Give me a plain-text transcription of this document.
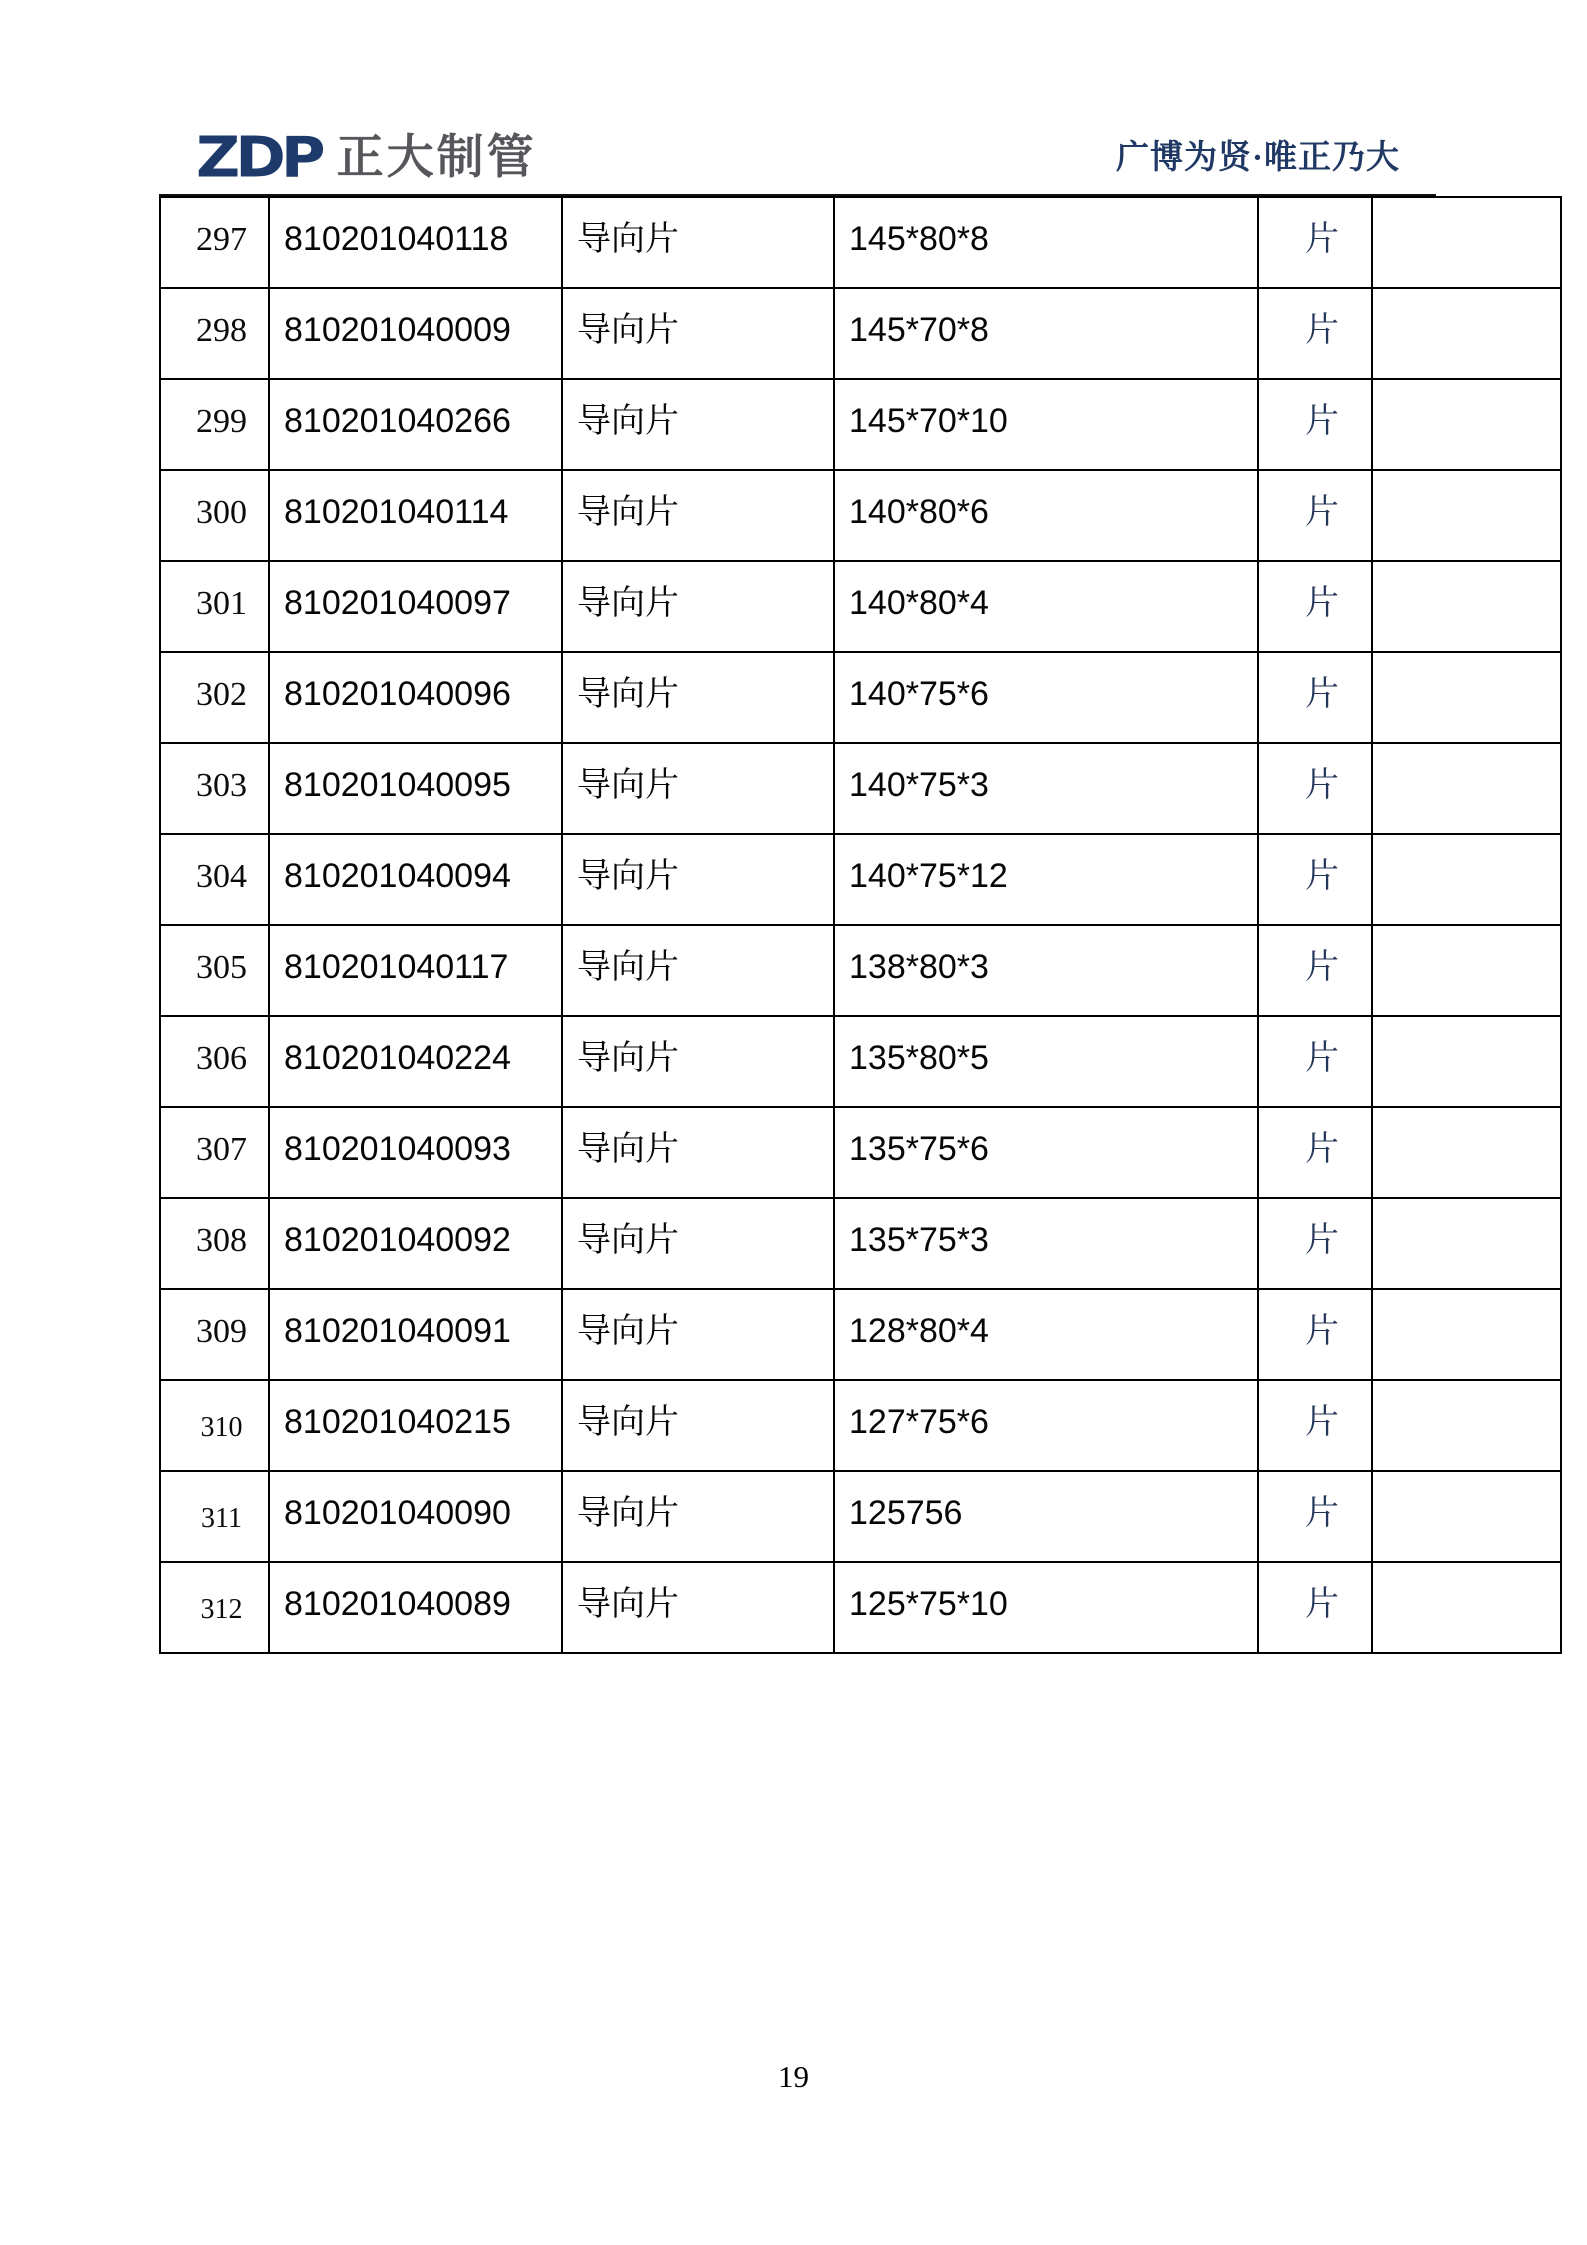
ZDP 正大制管	广博为贤·唯正乃大
297	810201040118	导向片	145*80*8	片	
298	810201040009	导向片	145*70*8	片	
299	810201040266	导向片	145*70*10	片	
300	810201040114	导向片	140*80*6	片	
301	810201040097	导向片	140*80*4	片	
302	810201040096	导向片	140*75*6	片	
303	810201040095	导向片	140*75*3	片	
304	810201040094	导向片	140*75*12	片	
305	810201040117	导向片	138*80*3	片	
306	810201040224	导向片	135*80*5	片	
307	810201040093	导向片	135*75*6	片	
308	810201040092	导向片	135*75*3	片	
309	810201040091	导向片	128*80*4	片	
310	810201040215	导向片	127*75*6	片	
311	810201040090	导向片	125756	片	
312	810201040089	导向片	125*75*10	片	
19
